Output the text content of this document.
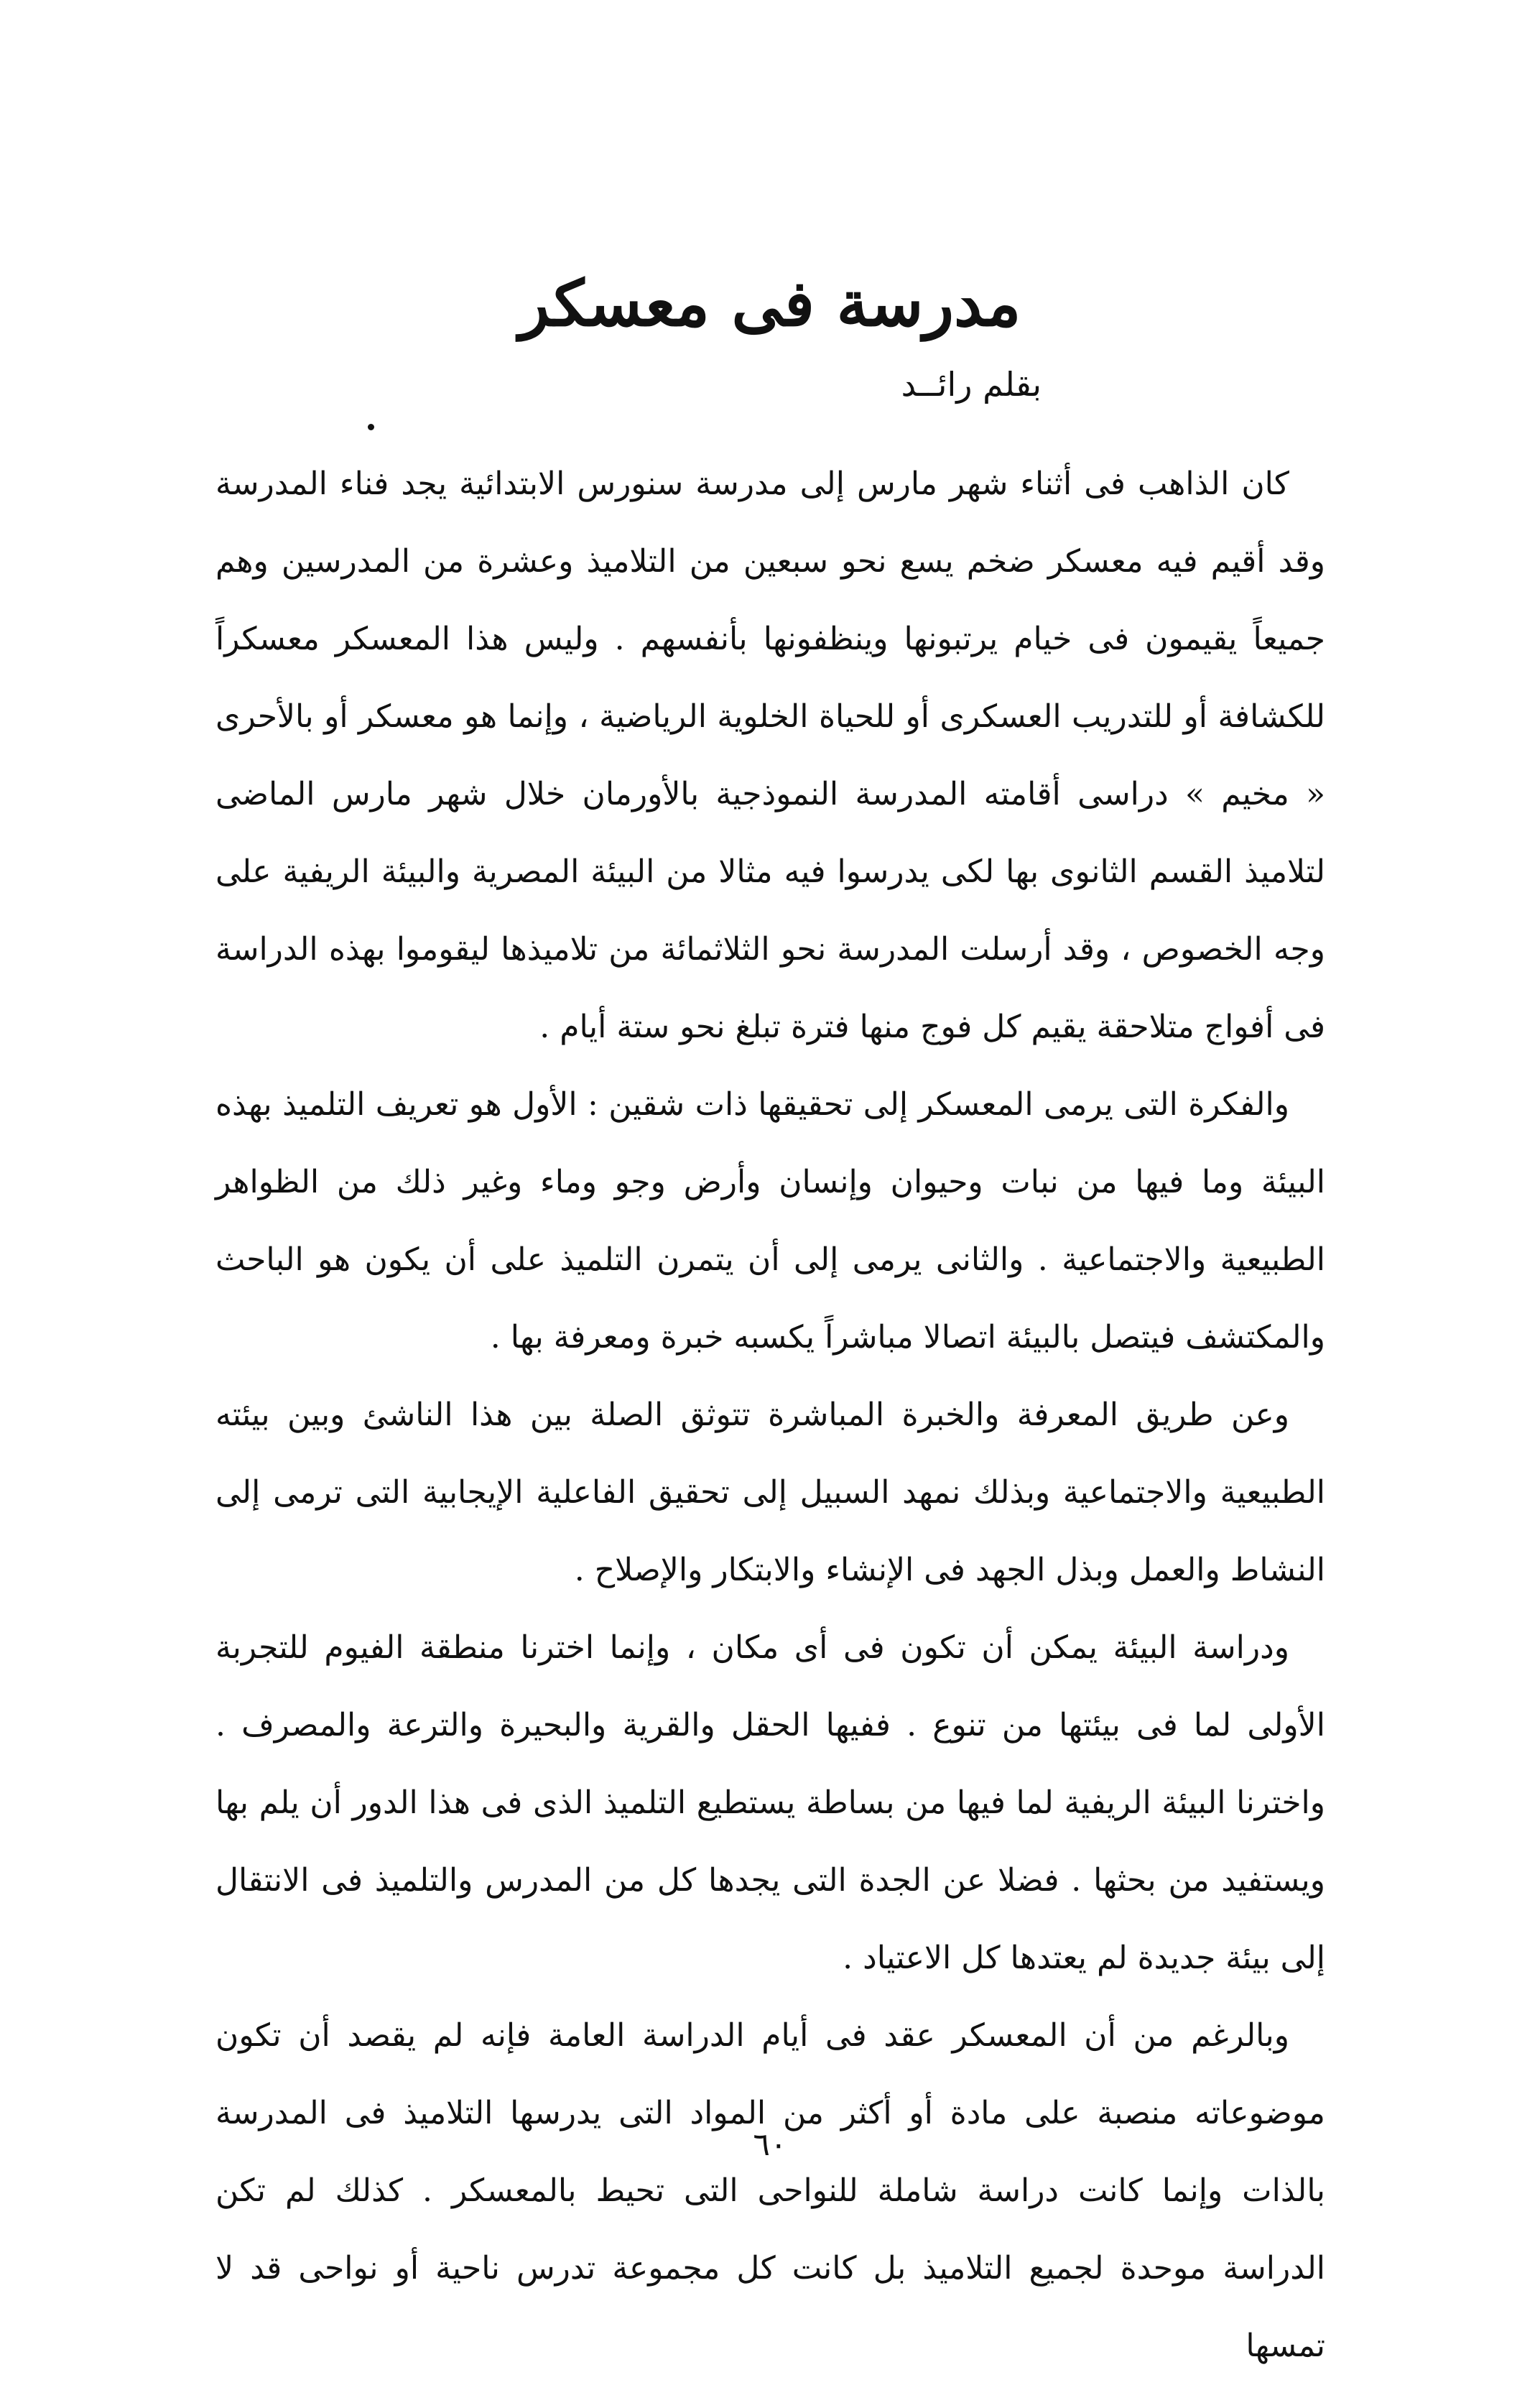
مدرسة فى معسكر
بقلم رائــد

كان الذاهب فى أثناء شهر مارس إلى مدرسة سنورس الابتدائية يجد فناء المدرسة وقد أقيم فيه معسكر ضخم يسع نحو سبعين من التلاميذ وعشرة من المدرسين وهم جميعاً يقيمون فى خيام يرتبونها وينظفونها بأنفسهم . وليس هذا المعسكر معسكراً للكشافة أو للتدريب العسكرى أو للحياة الخلوية الرياضية ، وإنما هو معسكر أو بالأحرى « مخيم » دراسى أقامته المدرسة النموذجية بالأورمان خلال شهر مارس الماضى لتلاميذ القسم الثانوى بها لكى يدرسوا فيه مثالا من البيئة المصرية والبيئة الريفية على وجه الخصوص ، وقد أرسلت المدرسة نحو الثلاثمائة من تلاميذها ليقوموا بهذه الدراسة فى أفواج متلاحقة يقيم كل فوج منها فترة تبلغ نحو ستة أيام .

والفكرة التى يرمى المعسكر إلى تحقيقها ذات شقين : الأول هو تعريف التلميذ بهذه البيئة وما فيها من نبات وحيوان وإنسان وأرض وجو وماء وغير ذلك من الظواهر الطبيعية والاجتماعية . والثانى يرمى إلى أن يتمرن التلميذ على أن يكون هو الباحث والمكتشف فيتصل بالبيئة اتصالا مباشراً يكسبه خبرة ومعرفة بها .

وعن طريق المعرفة والخبرة المباشرة تتوثق الصلة بين هذا الناشئ وبين بيئته الطبيعية والاجتماعية وبذلك نمهد السبيل إلى تحقيق الفاعلية الإيجابية التى ترمى إلى النشاط والعمل وبذل الجهد فى الإنشاء والابتكار والإصلاح .

ودراسة البيئة يمكن أن تكون فى أى مكان ، وإنما اخترنا منطقة الفيوم للتجربة الأولى لما فى بيئتها من تنوع . ففيها الحقل والقرية والبحيرة والترعة والمصرف . واخترنا البيئة الريفية لما فيها من بساطة يستطيع التلميذ الذى فى هذا الدور أن يلم بها ويستفيد من بحثها . فضلا عن الجدة التى يجدها كل من المدرس والتلميذ فى الانتقال إلى بيئة جديدة لم يعتدها كل الاعتياد .

وبالرغم من أن المعسكر عقد فى أيام الدراسة العامة فإنه لم يقصد أن تكون موضوعاته منصبة على مادة أو أكثر من المواد التى يدرسها التلاميذ فى المدرسة بالذات وإنما كانت دراسة شاملة للنواحى التى تحيط بالمعسكر . كذلك لم تكن الدراسة موحدة لجميع التلاميذ بل كانت كل مجموعة تدرس ناحية أو نواحى قد لا تمسها

٦٠
